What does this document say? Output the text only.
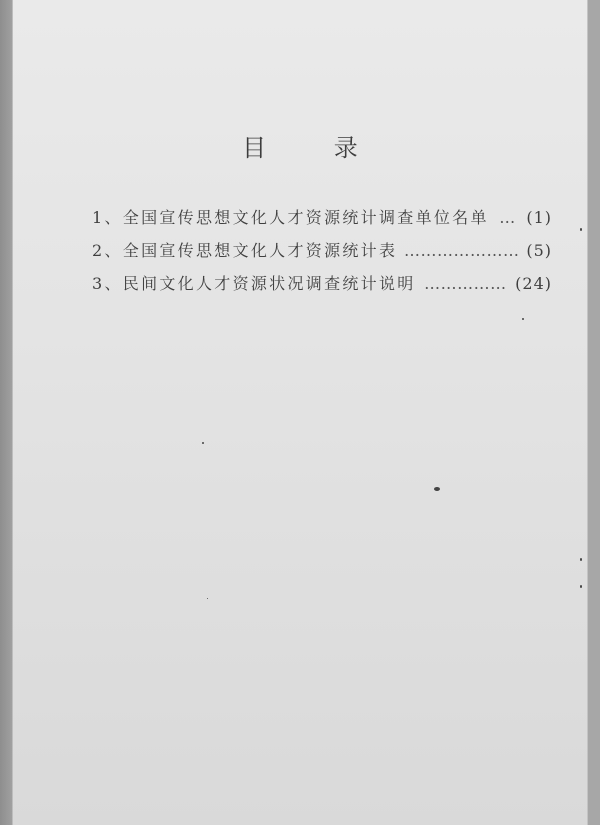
目 录
1、全国宣传思想文化人才资源统计调查单位名单 … (1)
2、全国宣传思想文化人才资源统计表 ………………… (5)
3、民间文化人才资源状况调查统计说明 …………… (24)
